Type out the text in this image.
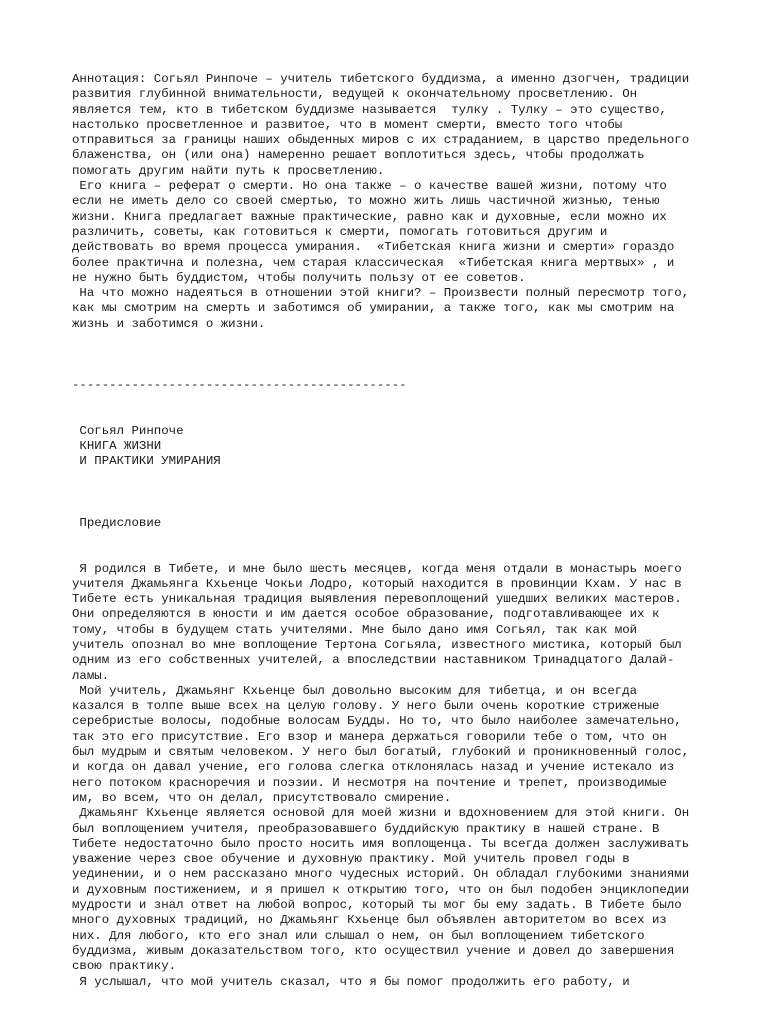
Аннотация: Согьял Ринпоче – учитель тибетского буддизма, а именно дзогчен, традиции
развития глубинной внимательности, ведущей к окончательному просветлению. Он
является тем, кто в тибетском буддизме называется  тулку . Тулку – это существо,
настолько просветленное и развитое, что в момент смерти, вместо того чтобы
отправиться за границы наших обыденных миров с их страданием, в царство предельного
блаженства, он (или она) намеренно решает воплотиться здесь, чтобы продолжать
помогать другим найти путь к просветлению.
Его книга – реферат о смерти. Но она также – о качестве вашей жизни, потому что
если не иметь дело со своей смертью, то можно жить лишь частичной жизнью, тенью
жизни. Книга предлагает важные практические, равно как и духовные, если можно их
различить, советы, как готовиться к смерти, помогать готовиться другим и
действовать во время процесса умирания.  «Тибетская книга жизни и смерти» гораздо
более практична и полезна, чем старая классическая  «Тибетская книга мертвых» , и
не нужно быть буддистом, чтобы получить пользу от ее советов.
На что можно надеяться в отношении этой книги? – Произвести полный пересмотр того,
как мы смотрим на смерть и заботимся об умирании, а также того, как мы смотрим на
жизнь и заботимся о жизни.
---------------------------------------------
Согьял Ринпоче
КНИГА ЖИЗНИ
И ПРАКТИКИ УМИРАНИЯ
Предисловие
Я родился в Тибете, и мне было шесть месяцев, когда меня отдали в монастырь моего
учителя Джамьянга Кхьенце Чокьи Лодро, который находится в провинции Кхам. У нас в
Тибете есть уникальная традиция выявления перевоплощений ушедших великих мастеров.
Они определяются в юности и им дается особое образование, подготавливающее их к
тому, чтобы в будущем стать учителями. Мне было дано имя Согьял, так как мой
учитель опознал во мне воплощение Тертона Согьяла, известного мистика, который был
одним из его собственных учителей, а впоследствии наставником Тринадцатого Далай-
ламы.
Мой учитель, Джамьянг Кхьенце был довольно высоким для тибетца, и он всегда
казался в толпе выше всех на целую голову. У него были очень короткие стриженые
серебристые волосы, подобные волосам Будды. Но то, что было наиболее замечательно,
так это его присутствие. Его взор и манера держаться говорили тебе о том, что он
был мудрым и святым человеком. У него был богатый, глубокий и проникновенный голос,
и когда он давал учение, его голова слегка отклонялась назад и учение истекало из
него потоком красноречия и поэзии. И несмотря на почтение и трепет, производимые
им, во всем, что он делал, присутствовало смирение.
Джамьянг Кхьенце является основой для моей жизни и вдохновением для этой книги. Он
был воплощением учителя, преобразовавшего буддийскую практику в нашей стране. В
Тибете недостаточно было просто носить имя воплощенца. Ты всегда должен заслуживать
уважение через свое обучение и духовную практику. Мой учитель провел годы в
уединении, и о нем рассказано много чудесных историй. Он обладал глубокими знаниями
и духовным постижением, и я пришел к открытию того, что он был подобен энциклопедии
мудрости и знал ответ на любой вопрос, который ты мог бы ему задать. В Тибете было
много духовных традиций, но Джамьянг Кхьенце был объявлен авторитетом во всех из
них. Для любого, кто его знал или слышал о нем, он был воплощением тибетского
буддизма, живым доказательством того, кто осуществил учение и довел до завершения
свою практику.
Я услышал, что мой учитель сказал, что я бы помог продолжить его работу, и
